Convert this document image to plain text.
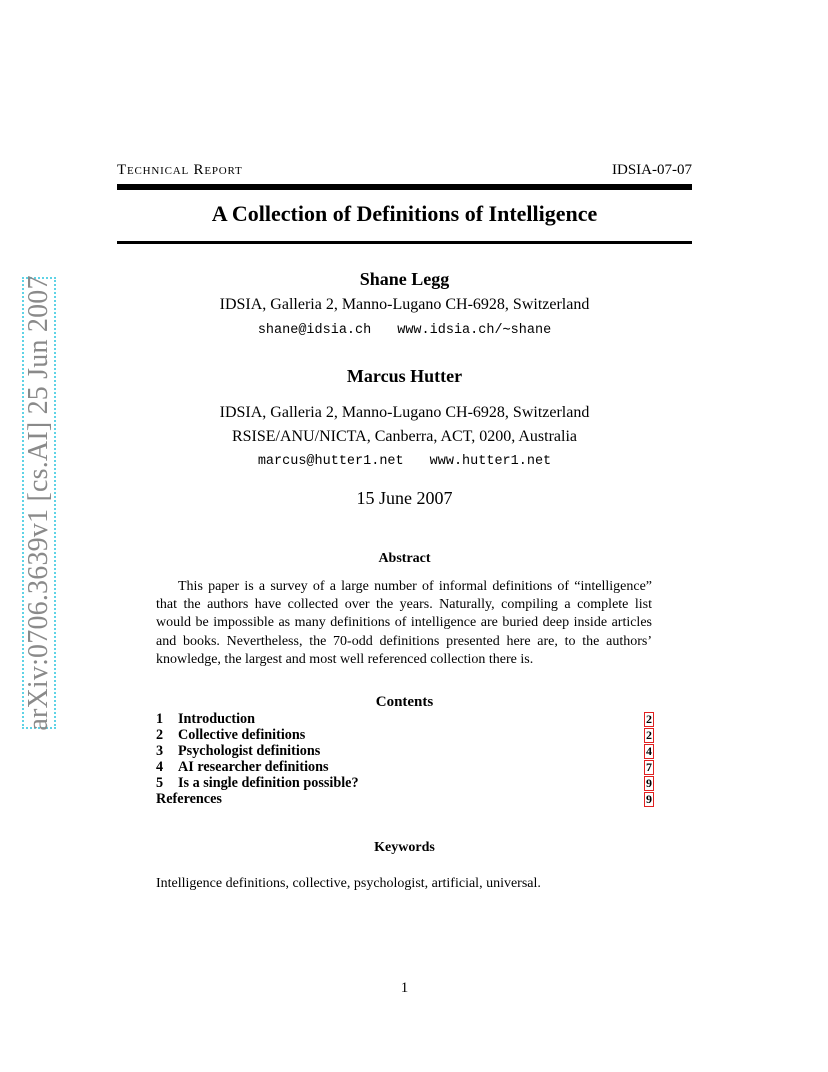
arXiv:0706.3639v1 [cs.AI] 25 Jun 2007
Technical Report	IDSIA-07-07
A Collection of Definitions of Intelligence
Shane Legg
IDSIA, Galleria 2, Manno-Lugano CH-6928, Switzerland
shane@idsia.ch www.idsia.ch/∼shane
Marcus Hutter
IDSIA, Galleria 2, Manno-Lugano CH-6928, Switzerland
RSISE/ANU/NICTA, Canberra, ACT, 0200, Australia
marcus@hutter1.net www.hutter1.net
15 June 2007
Abstract
This paper is a survey of a large number of informal definitions of “intelligence” that the authors have collected over the years. Naturally, compiling a complete list would be impossible as many definitions of intelligence are buried deep inside articles and books. Nevertheless, the 70-odd definitions presented here are, to the authors’ knowledge, the largest and most well referenced collection there is.
Contents
1	Introduction	2
2	Collective definitions	2
3	Psychologist definitions	4
4	AI researcher definitions	7
5	Is a single definition possible?	9
References	9
Keywords
Intelligence definitions, collective, psychologist, artificial, universal.
1
